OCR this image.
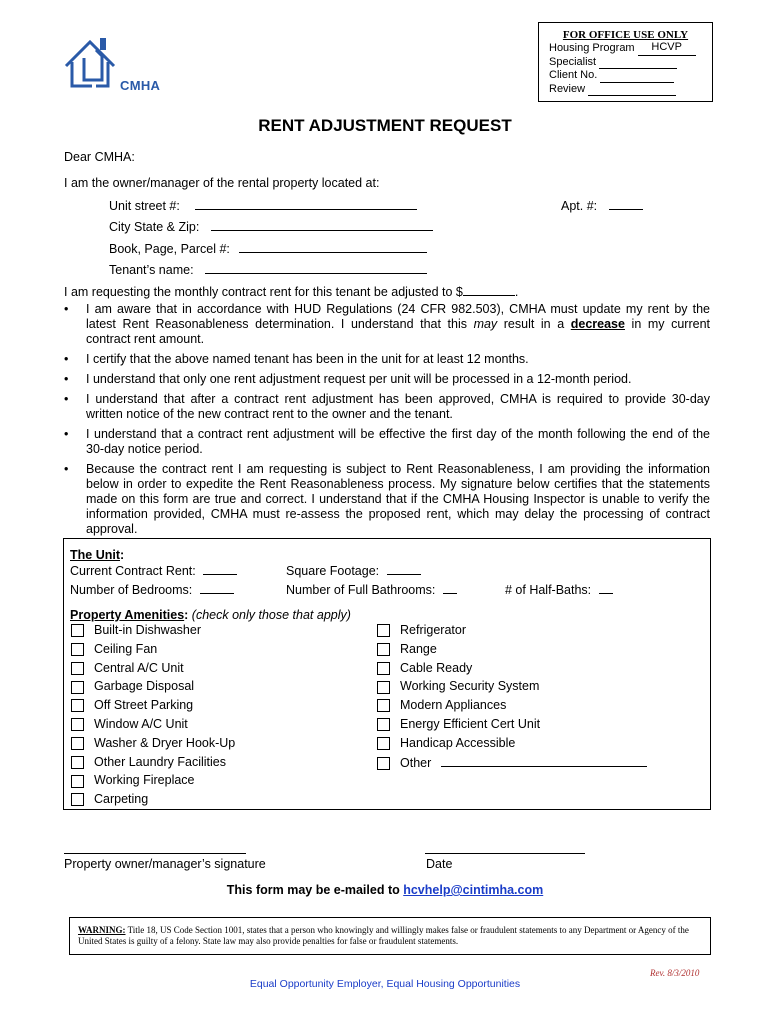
CMHA
FOR OFFICE USE ONLY
Housing Program HCVP
Specialist
Client No.
Review
RENT ADJUSTMENT REQUEST
Dear CMHA:
I am the owner/manager of the rental property located at:
Unit street #:	Apt. #:
City State & Zip:
Book, Page, Parcel #:
Tenant’s name:
I am requesting the monthly contract rent for this tenant be adjusted to $	.
• I am aware that in accordance with HUD Regulations (24 CFR 982.503), CMHA must update my rent by the latest Rent Reasonableness determination. I understand that this may result in a decrease in my current contract rent amount.
• I certify that the above named tenant has been in the unit for at least 12 months.
• I understand that only one rent adjustment request per unit will be processed in a 12-month period.
• I understand that after a contract rent adjustment has been approved, CMHA is required to provide 30-day written notice of the new contract rent to the owner and the tenant.
• I understand that a contract rent adjustment will be effective the first day of the month following the end of the 30-day notice period.
• Because the contract rent I am requesting is subject to Rent Reasonableness, I am providing the information below in order to expedite the Rent Reasonableness process. My signature below certifies that the statements made on this form are true and correct. I understand that if the CMHA Housing Inspector is unable to verify the information provided, CMHA must re-assess the proposed rent, which may delay the processing of contract approval.
The Unit:
Current Contract Rent:	Square Footage:
Number of Bedrooms:	Number of Full Bathrooms:	# of Half-Baths:
Property Amenities: (check only those that apply)
Built-in Dishwasher
Ceiling Fan
Central A/C Unit
Garbage Disposal
Off Street Parking
Window A/C Unit
Washer & Dryer Hook-Up
Other Laundry Facilities
Working Fireplace
Carpeting
Refrigerator
Range
Cable Ready
Working Security System
Modern Appliances
Energy Efficient Cert Unit
Handicap Accessible
Other
Property owner/manager’s signature	Date
This form may be e-mailed to hcvhelp@cintimha.com
WARNING: Title 18, US Code Section 1001, states that a person who knowingly and willingly makes false or fraudulent statements to any Department or Agency of the United States is guilty of a felony. State law may also provide penalties for false or fraudulent statements.
Rev. 8/3/2010
Equal Opportunity Employer, Equal Housing Opportunities
